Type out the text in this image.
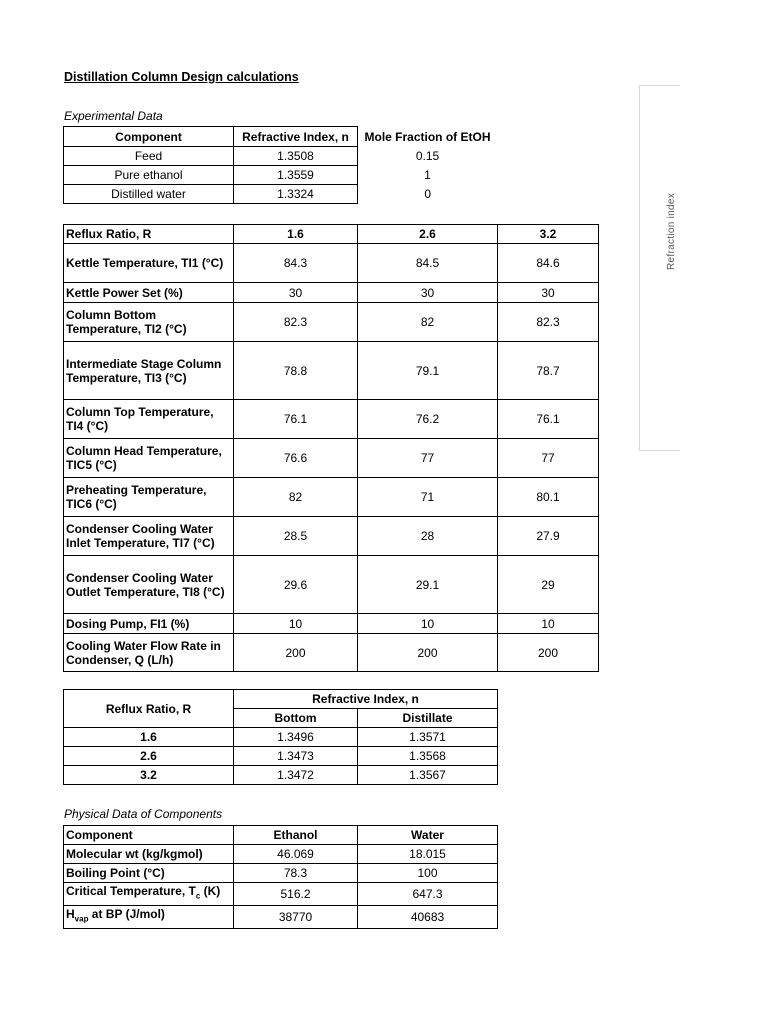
Distillation Column Design calculations
Experimental Data
Component	Refractive Index, n	Mole Fraction of EtOH
Feed	1.3508	0.15
Pure ethanol	1.3559	1
Distilled water	1.3324	0
Reflux Ratio, R	1.6	2.6	3.2
Kettle Temperature, TI1 (°C)	84.3	84.5	84.6
Kettle Power Set (%)	30	30	30
Column Bottom Temperature, TI2 (°C)	82.3	82	82.3
Intermediate Stage Column Temperature, TI3 (°C)	78.8	79.1	78.7
Column Top Temperature, TI4 (°C)	76.1	76.2	76.1
Column Head Temperature, TIC5 (°C)	76.6	77	77
Preheating Temperature, TIC6 (°C)	82	71	80.1
Condenser Cooling Water Inlet Temperature, TI7 (°C)	28.5	28	27.9
Condenser Cooling Water Outlet Temperature, TI8 (°C)	29.6	29.1	29
Dosing Pump, FI1 (%)	10	10	10
Cooling Water Flow Rate in Condenser, Q (L/h)	200	200	200
Reflux Ratio, R	Refractive Index, n	
	Bottom	Distillate
1.6	1.3496	1.3571
2.6	1.3473	1.3568
3.2	1.3472	1.3567
Physical Data of Components
Component	Ethanol	Water
Molecular wt (kg/kgmol)	46.069	18.015
Boiling Point (°C)	78.3	100
Critical Temperature, $T_c$ (K)	516.2	647.3
$H_{vap}$ at BP (J/mol)	38770	40683
Refraction index
